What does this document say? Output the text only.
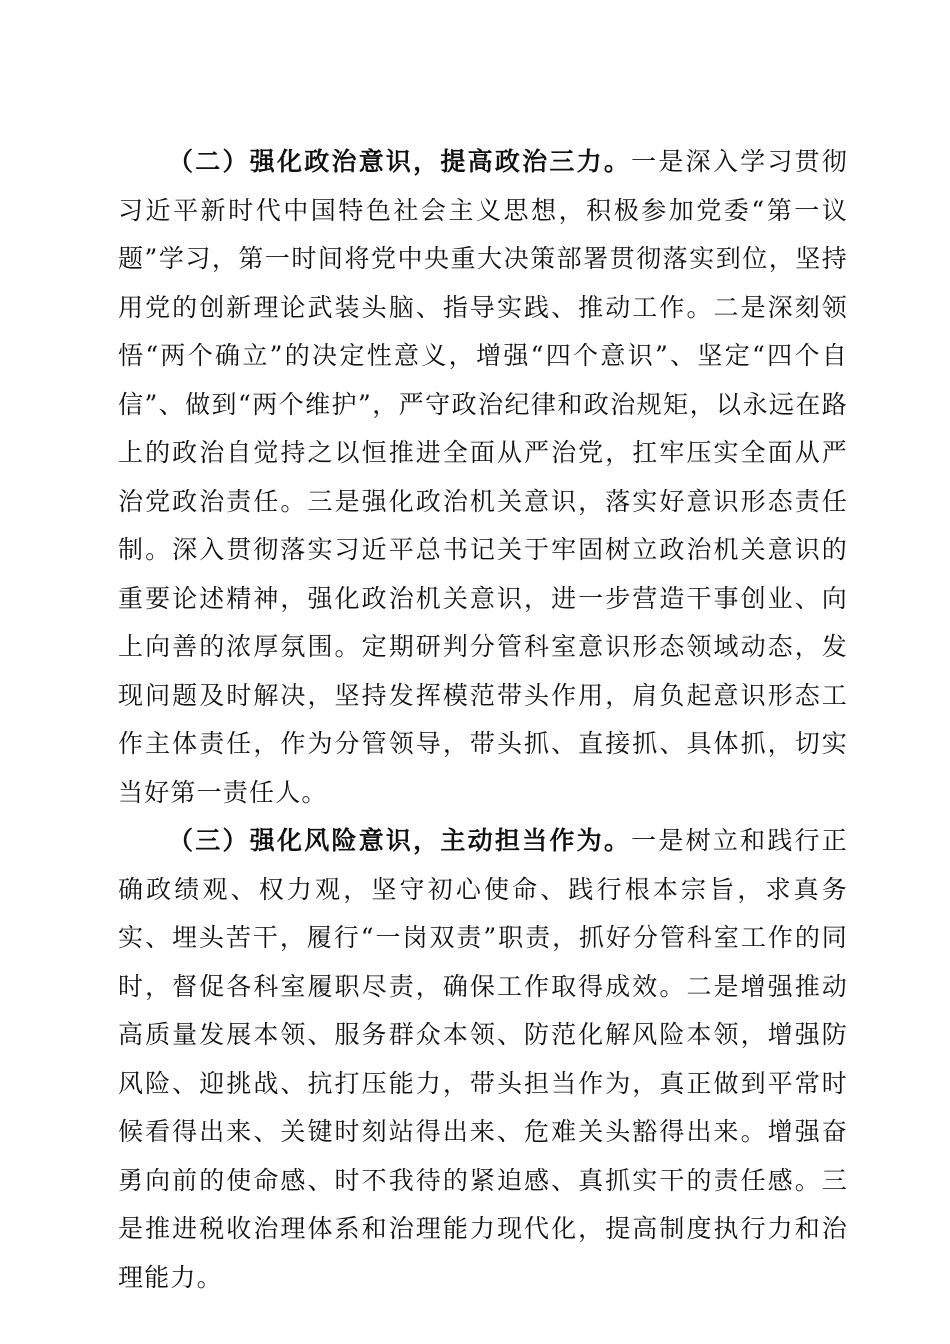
（二）强化政治意识，提高政治三力。一是深入学习贯彻习近平新时代中国特色社会主义思想，积极参加党委“第一议题”学习，第一时间将党中央重大决策部署贯彻落实到位，坚持用党的创新理论武装头脑、指导实践、推动工作。二是深刻领悟“两个确立”的决定性意义，增强“四个意识”、坚定“四个自信”、做到“两个维护”，严守政治纪律和政治规矩，以永远在路上的政治自觉持之以恒推进全面从严治党，扛牢压实全面从严治党政治责任。三是强化政治机关意识，落实好意识形态责任制。深入贯彻落实习近平总书记关于牢固树立政治机关意识的重要论述精神，强化政治机关意识，进一步营造干事创业、向上向善的浓厚氛围。定期研判分管科室意识形态领域动态，发现问题及时解决，坚持发挥模范带头作用，肩负起意识形态工作主体责任，作为分管领导，带头抓、直接抓、具体抓，切实当好第一责任人。

（三）强化风险意识，主动担当作为。一是树立和践行正确政绩观、权力观，坚守初心使命、践行根本宗旨，求真务实、埋头苦干，履行“一岗双责”职责，抓好分管科室工作的同时，督促各科室履职尽责，确保工作取得成效。二是增强推动高质量发展本领、服务群众本领、防范化解风险本领，增强防风险、迎挑战、抗打压能力，带头担当作为，真正做到平常时候看得出来、关键时刻站得出来、危难关头豁得出来。增强奋勇向前的使命感、时不我待的紧迫感、真抓实干的责任感。三是推进税收治理体系和治理能力现代化，提高制度执行力和治理能力。
